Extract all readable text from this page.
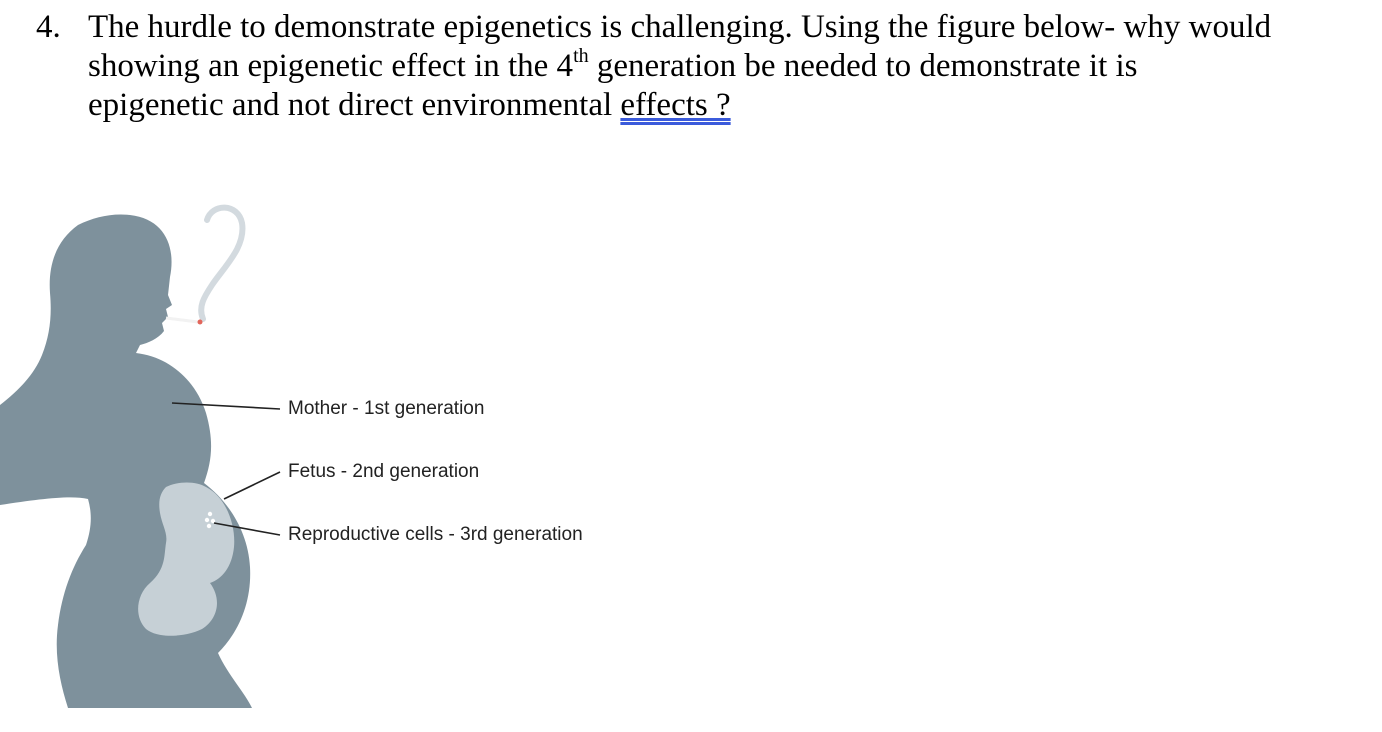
4. The hurdle to demonstrate epigenetics is challenging. Using the figure below- why would showing an epigenetic effect in the 4th generation be needed to demonstrate it is epigenetic and not direct environmental effects ?
Mother - 1st generation
Fetus - 2nd generation
Reproductive cells - 3rd generation
